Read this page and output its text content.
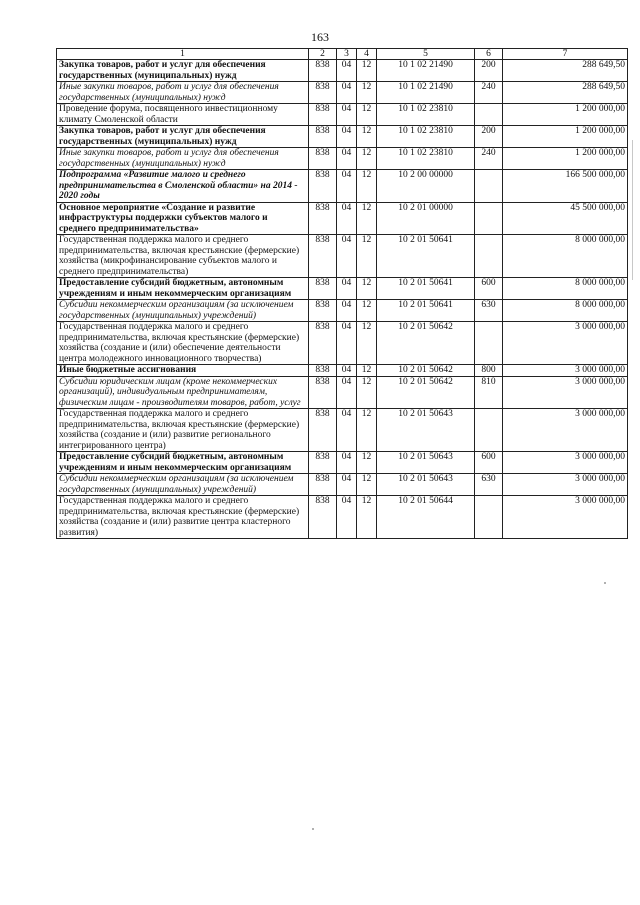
163
1	2	3	4	5	6	7
Закупка товаров, работ и услуг для обеспечения государственных (муниципальных) нужд	838	04	12	10 1 02 21490	200	288 649,50
Иные закупки товаров, работ и услуг для обеспечения государственных (муниципальных) нужд	838	04	12	10 1 02 21490	240	288 649,50
Проведение форума, посвященного инвестиционному климату Смоленской области	838	04	12	10 1 02 23810		1 200 000,00
Закупка товаров, работ и услуг для обеспечения государственных (муниципальных) нужд	838	04	12	10 1 02 23810	200	1 200 000,00
Иные закупки товаров, работ и услуг для обеспечения государственных (муниципальных) нужд	838	04	12	10 1 02 23810	240	1 200 000,00
Подпрограмма «Развитие малого и среднего предпринимательства в Смоленской области» на 2014 - 2020 годы	838	04	12	10 2 00 00000		166 500 000,00
Основное мероприятие «Создание и развитие инфраструктуры поддержки субъектов малого и среднего предпринимательства»	838	04	12	10 2 01 00000		45 500 000,00
Государственная поддержка малого и среднего предпринимательства, включая крестьянские (фермерские) хозяйства (микрофинансирование субъектов малого и среднего предпринимательства)	838	04	12	10 2 01 50641		8 000 000,00
Предоставление субсидий бюджетным, автономным учреждениям и иным некоммерческим организациям	838	04	12	10 2 01 50641	600	8 000 000,00
Субсидии некоммерческим организациям (за исключением государственных (муниципальных) учреждений)	838	04	12	10 2 01 50641	630	8 000 000,00
Государственная поддержка малого и среднего предпринимательства, включая крестьянские (фермерские) хозяйства (создание и (или) обеспечение деятельности центра молодежного инновационного творчества)	838	04	12	10 2 01 50642		3 000 000,00
Иные бюджетные ассигнования	838	04	12	10 2 01 50642	800	3 000 000,00
Субсидии юридическим лицам (кроме некоммерческих организаций), индивидуальным предпринимателям, физическим лицам - производителям товаров, работ, услуг	838	04	12	10 2 01 50642	810	3 000 000,00
Государственная поддержка малого и среднего предпринимательства, включая крестьянские (фермерские) хозяйства (создание и (или) развитие регионального интегрированного центра)	838	04	12	10 2 01 50643		3 000 000,00
Предоставление субсидий бюджетным, автономным учреждениям и иным некоммерческим организациям	838	04	12	10 2 01 50643	600	3 000 000,00
Субсидии некоммерческим организациям (за исключением государственных (муниципальных) учреждений)	838	04	12	10 2 01 50643	630	3 000 000,00
Государственная поддержка малого и среднего предпринимательства, включая крестьянские (фермерские) хозяйства (создание и (или) развитие центра кластерного развития)	838	04	12	10 2 01 50644		3 000 000,00
